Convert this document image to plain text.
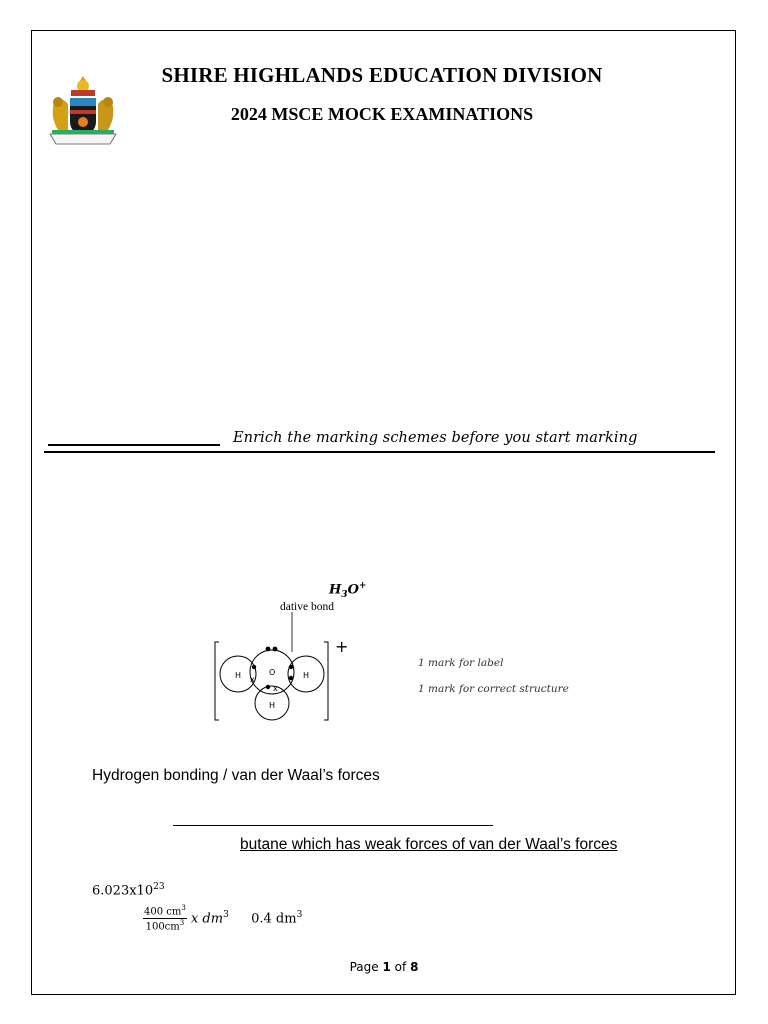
SHIRE HIGHLANDS EDUCATION DIVISION
2024 MSCE MOCK EXAMINATIONS
Enrich the marking schemes before you start marking
$H_3O^+$
dative bond
x
x
H	O	H
H
+
1 mark for label
1 mark for correct structure
Hydrogen bonding / van der Waal’s forces
butane which has weak forces of van der Waal’s forces
$6.023x10^{23}$
$\frac{400 cm^3}{100cm^3}$ x $dm^3$ 0.4 $dm^3$
Page 1 of 8
